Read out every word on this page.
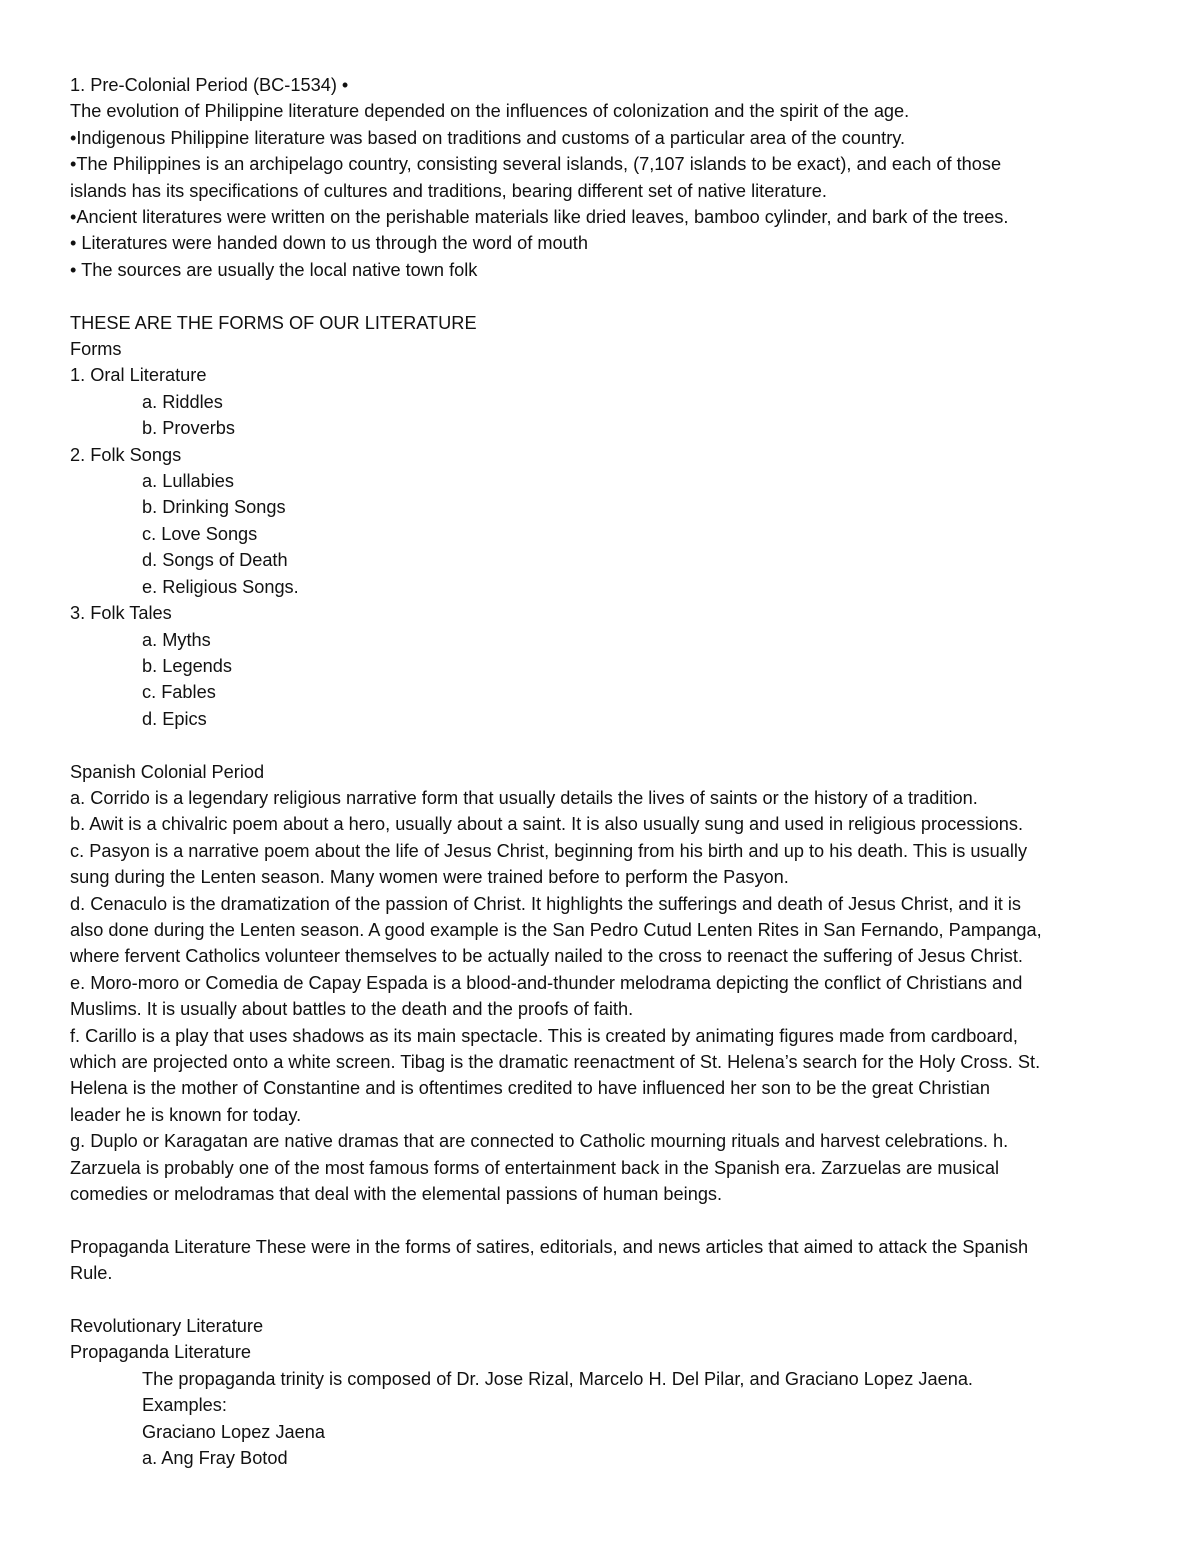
1. Pre-Colonial Period (BC-1534) •
The evolution of Philippine literature depended on the influences of colonization and the spirit of the age.
•Indigenous Philippine literature was based on traditions and customs of a particular area of the country.
•The Philippines is an archipelago country, consisting several islands, (7,107 islands to be exact), and each of those
islands has its specifications of cultures and traditions, bearing different set of native literature.
•Ancient literatures were written on the perishable materials like dried leaves, bamboo cylinder, and bark of the trees.
• Literatures were handed down to us through the word of mouth
• The sources are usually the local native town folk
THESE ARE THE FORMS OF OUR LITERATURE
Forms
1. Oral Literature
a. Riddles
b. Proverbs
2. Folk Songs
a. Lullabies
b. Drinking Songs
c. Love Songs
d. Songs of Death
e. Religious Songs.
3. Folk Tales
a. Myths
b. Legends
c. Fables
d. Epics
Spanish Colonial Period
a. Corrido is a legendary religious narrative form that usually details the lives of saints or the history of a tradition.
b. Awit is a chivalric poem about a hero, usually about a saint. It is also usually sung and used in religious processions.
c. Pasyon is a narrative poem about the life of Jesus Christ, beginning from his birth and up to his death. This is usually
sung during the Lenten season. Many women were trained before to perform the Pasyon.
d. Cenaculo is the dramatization of the passion of Christ. It highlights the sufferings and death of Jesus Christ, and it is
also done during the Lenten season. A good example is the San Pedro Cutud Lenten Rites in San Fernando, Pampanga,
where fervent Catholics volunteer themselves to be actually nailed to the cross to reenact the suffering of Jesus Christ.
e. Moro-moro or Comedia de Capay Espada is a blood-and-thunder melodrama depicting the conflict of Christians and
Muslims. It is usually about battles to the death and the proofs of faith.
f. Carillo is a play that uses shadows as its main spectacle. This is created by animating figures made from cardboard,
which are projected onto a white screen. Tibag is the dramatic reenactment of St. Helena’s search for the Holy Cross. St.
Helena is the mother of Constantine and is oftentimes credited to have influenced her son to be the great Christian
leader he is known for today.
g. Duplo or Karagatan are native dramas that are connected to Catholic mourning rituals and harvest celebrations. h.
Zarzuela is probably one of the most famous forms of entertainment back in the Spanish era. Zarzuelas are musical
comedies or melodramas that deal with the elemental passions of human beings.
Propaganda Literature These were in the forms of satires, editorials, and news articles that aimed to attack the Spanish
Rule.
Revolutionary Literature
Propaganda Literature
The propaganda trinity is composed of Dr. Jose Rizal, Marcelo H. Del Pilar, and Graciano Lopez Jaena.
Examples:
Graciano Lopez Jaena
a. Ang Fray Botod
